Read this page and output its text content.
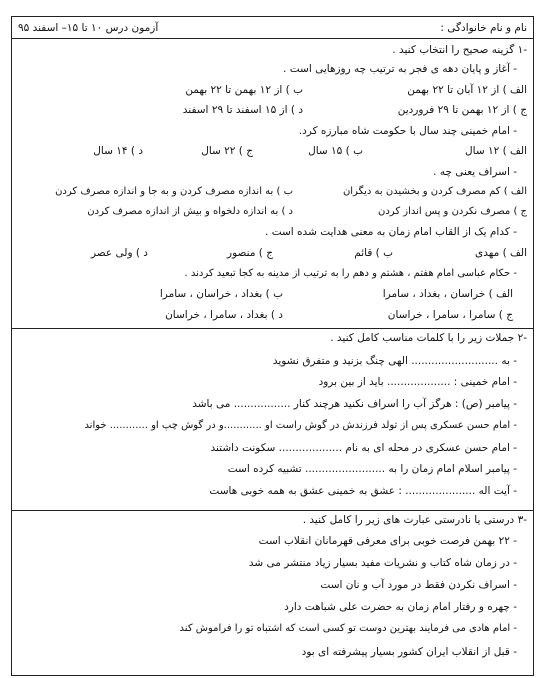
نام و نام خانوادگی :
آزمون درس ۱۰ تا ۱۵– اسفند ۹۵
-۱ گزینه صحیح را انتخاب کنید .
- آغاز و پایان دهه ی فجر به ترتیب چه روزهایی است .
الف ) از ۱۲ آبان تا ۲۲ بهمن
ب ) از ۱۲ بهمن تا ۲۲ بهمن
ج ) از ۱۲ بهمن تا ۲۹ فروردین
د ) از ۱۵ اسفند تا ۲۹ اسفند
- امام خمینی چند سال با حکومت شاه مبارزه کرد.
الف ) ۱۲ سال
ب ) ۱۵ سال
ج ) ۲۲ سال
د ) ۱۴ سال
- اسراف یعنی چه .
الف ) کم مصرف کردن و بخشیدن به دیگران
ب ) به اندازه مصرف کردن و به جا و اندازه مصرف کردن
ج ) مصرف نکردن و پس انداز کردن
د ) به اندازه دلخواه و بیش از اندازه مصرف کردن
- کدام یک از القاب امام زمان به معنی هدایت شده است .
الف ) مهدی
ب ) قائم
ج ) منصور
د ) ولی عصر
- حکام عباسی امام هفتم ، هشتم و دهم را به ترتیب از مدینه به کجا تبعید کردند .
الف ) خراسان ، بغداد ، سامرا
ب ) بغداد ، خراسان ، سامرا
ج ) سامرا ، سامرا ، خراسان
د ) بغداد ، سامرا ، خراسان
-۲ جملات زیر را با کلمات مناسب کامل کنید .
- به .......................... الهی چنگ بزنید و متفرق نشوید
- امام خمینی : ................... باید از بین برود
- پیامبر (ص) : هرگز آب را اسراف نکنید هرچند کنار ................. می باشد
- امام حسن عسکری پس از تولد فرزندش در گوش راست او ............و در گوش چپ او ............ خواند
- امام حسن عسکری در محله ای به نام ................... سکونت داشتند
- پیامبر اسلام امام زمان را به ........................ تشبیه کرده است
- آیت اله ..................... : عشق به خمینی عشق به همه خوبی هاست
-۳ درستی یا نادرستی عبارت های زیر را کامل کنید .
- ۲۲ بهمن فرصت خوبی برای معرفی قهرمانان انقلاب است
- در زمان شاه کتاب و نشریات مفید بسیار زیاد منتشر می شد
- اسراف نکردن فقط در مورد آب و نان است
- چهره و رفتار امام زمان به حضرت علی شباهت دارد
- امام هادی می فرمایند بهترین دوست تو کسی است که اشتباه تو را فراموش کند
- قبل از انقلاب ایران کشور بسیار پیشرفته ای بود
